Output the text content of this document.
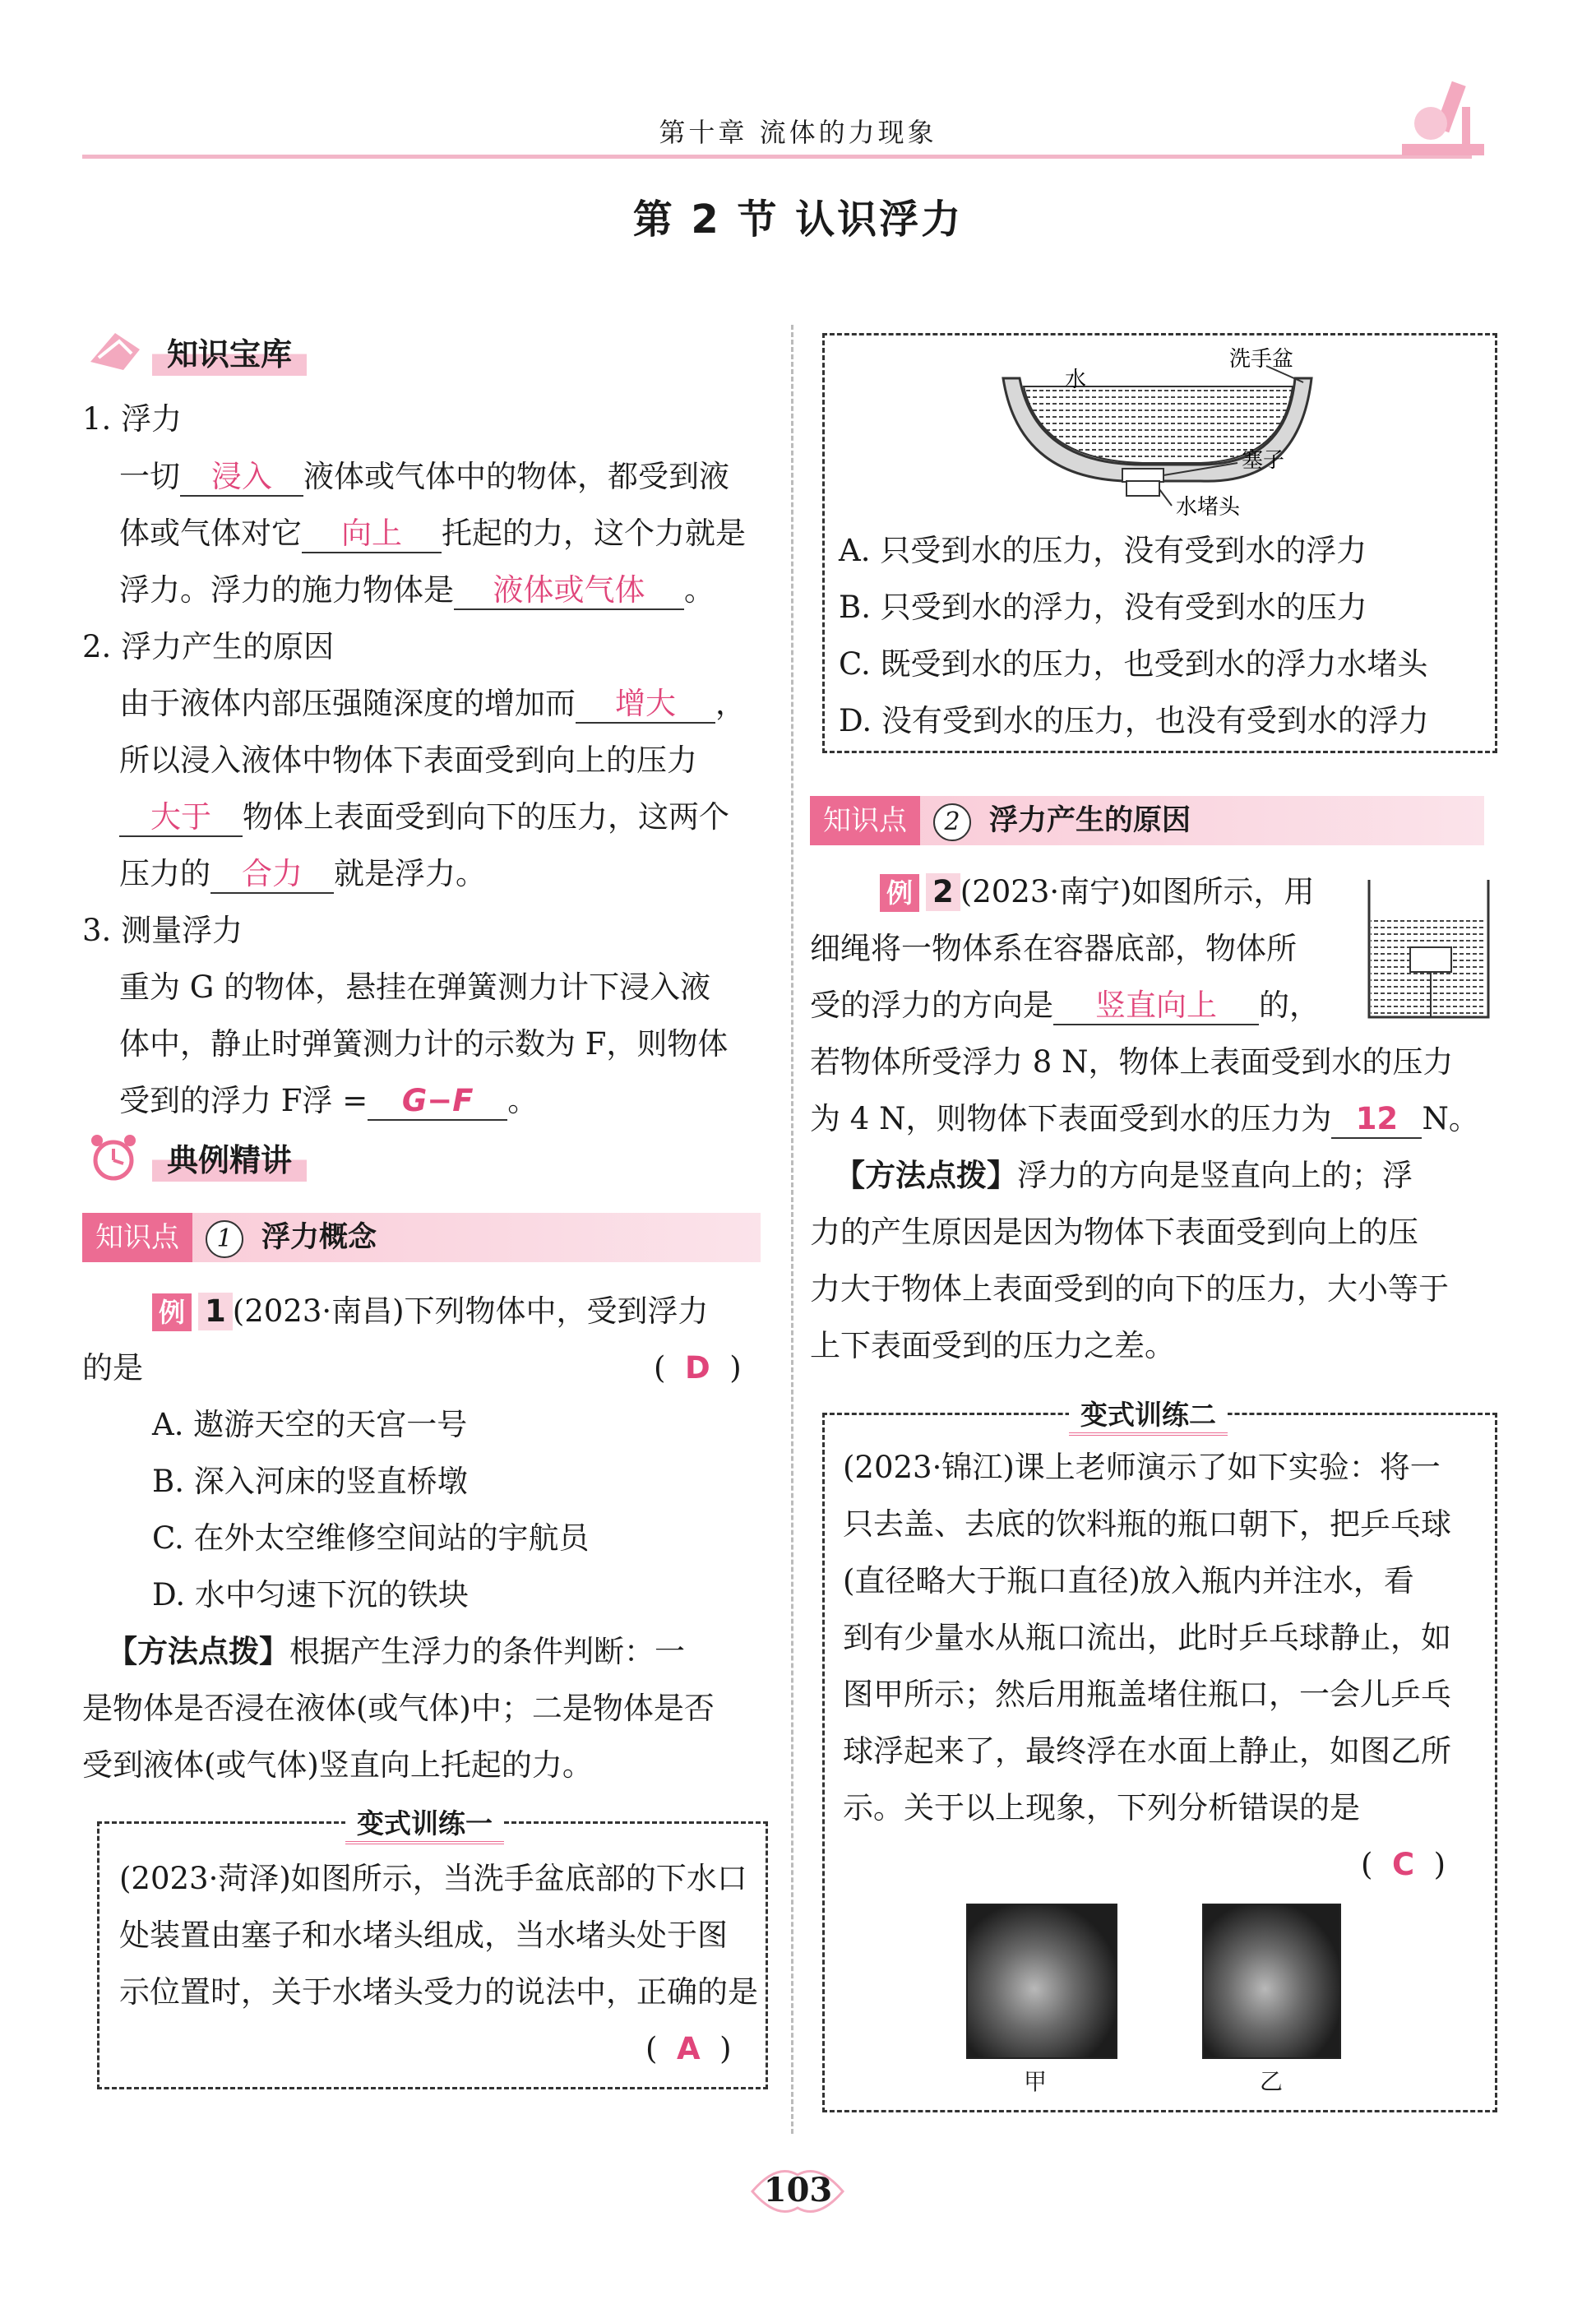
第十章 流体的力现象
第 2 节 认识浮力
知识宝库
1. 浮力
一切 浸入 液体或气体中的物体，都受到液
体或气体对它 向上 托起的力，这个力就是
浮力。浮力的施力物体是 液体或气体 。
2. 浮力产生的原因
由于液体内部压强随深度的增加而 增大 ，
所以浸入液体中物体下表面受到向上的压力
大于 物体上表面受到向下的压力，这两个
压力的 合力 就是浮力。
3. 测量浮力
重为 G 的物体，悬挂在弹簧测力计下浸入液
体中，静止时弹簧测力计的示数为 F，则物体
受到的浮力 F浮 = G−F 。
典例精讲
知识点	1	浮力概念
例 1 (2023·南昌)下列物体中，受到浮力
的是	(  D  )
A. 遨游天空的天宫一号
B. 深入河床的竖直桥墩
C. 在外太空维修空间站的宇航员
D. 水中匀速下沉的铁块
【方法点拨】根据产生浮力的条件判断：一
是物体是否浸在液体(或气体)中；二是物体是否
受到液体(或气体)竖直向上托起的力。
变式训练一
(2023·菏泽)如图所示，当洗手盆底部的下水口
处装置由塞子和水堵头组成，当水堵头处于图
示位置时，关于水堵头受力的说法中，正确的是
(  A  )
水
洗手盆
塞子
水堵头
A. 只受到水的压力，没有受到水的浮力
B. 只受到水的浮力，没有受到水的压力
C. 既受到水的压力，也受到水的浮力水堵头
D. 没有受到水的压力，也没有受到水的浮力
知识点	2	浮力产生的原因
例 2 (2023·南宁)如图所示，用
细绳将一物体系在容器底部，物体所
受的浮力的方向是 竖直向上 的，
若物体所受浮力 8 N，物体上表面受到水的压力
为 4 N，则物体下表面受到水的压力为 12 N。
【方法点拨】浮力的方向是竖直向上的；浮
力的产生原因是因为物体下表面受到向上的压
力大于物体上表面受到的向下的压力，大小等于
上下表面受到的压力之差。
变式训练二
(2023·锦江)课上老师演示了如下实验：将一
只去盖、去底的饮料瓶的瓶口朝下，把乒乓球
(直径略大于瓶口直径)放入瓶内并注水，看
到有少量水从瓶口流出，此时乒乓球静止，如
图甲所示；然后用瓶盖堵住瓶口，一会儿乒乓
球浮起来了，最终浮在水面上静止，如图乙所
示。关于以上现象，下列分析错误的是
(  C  )
甲	乙
103
